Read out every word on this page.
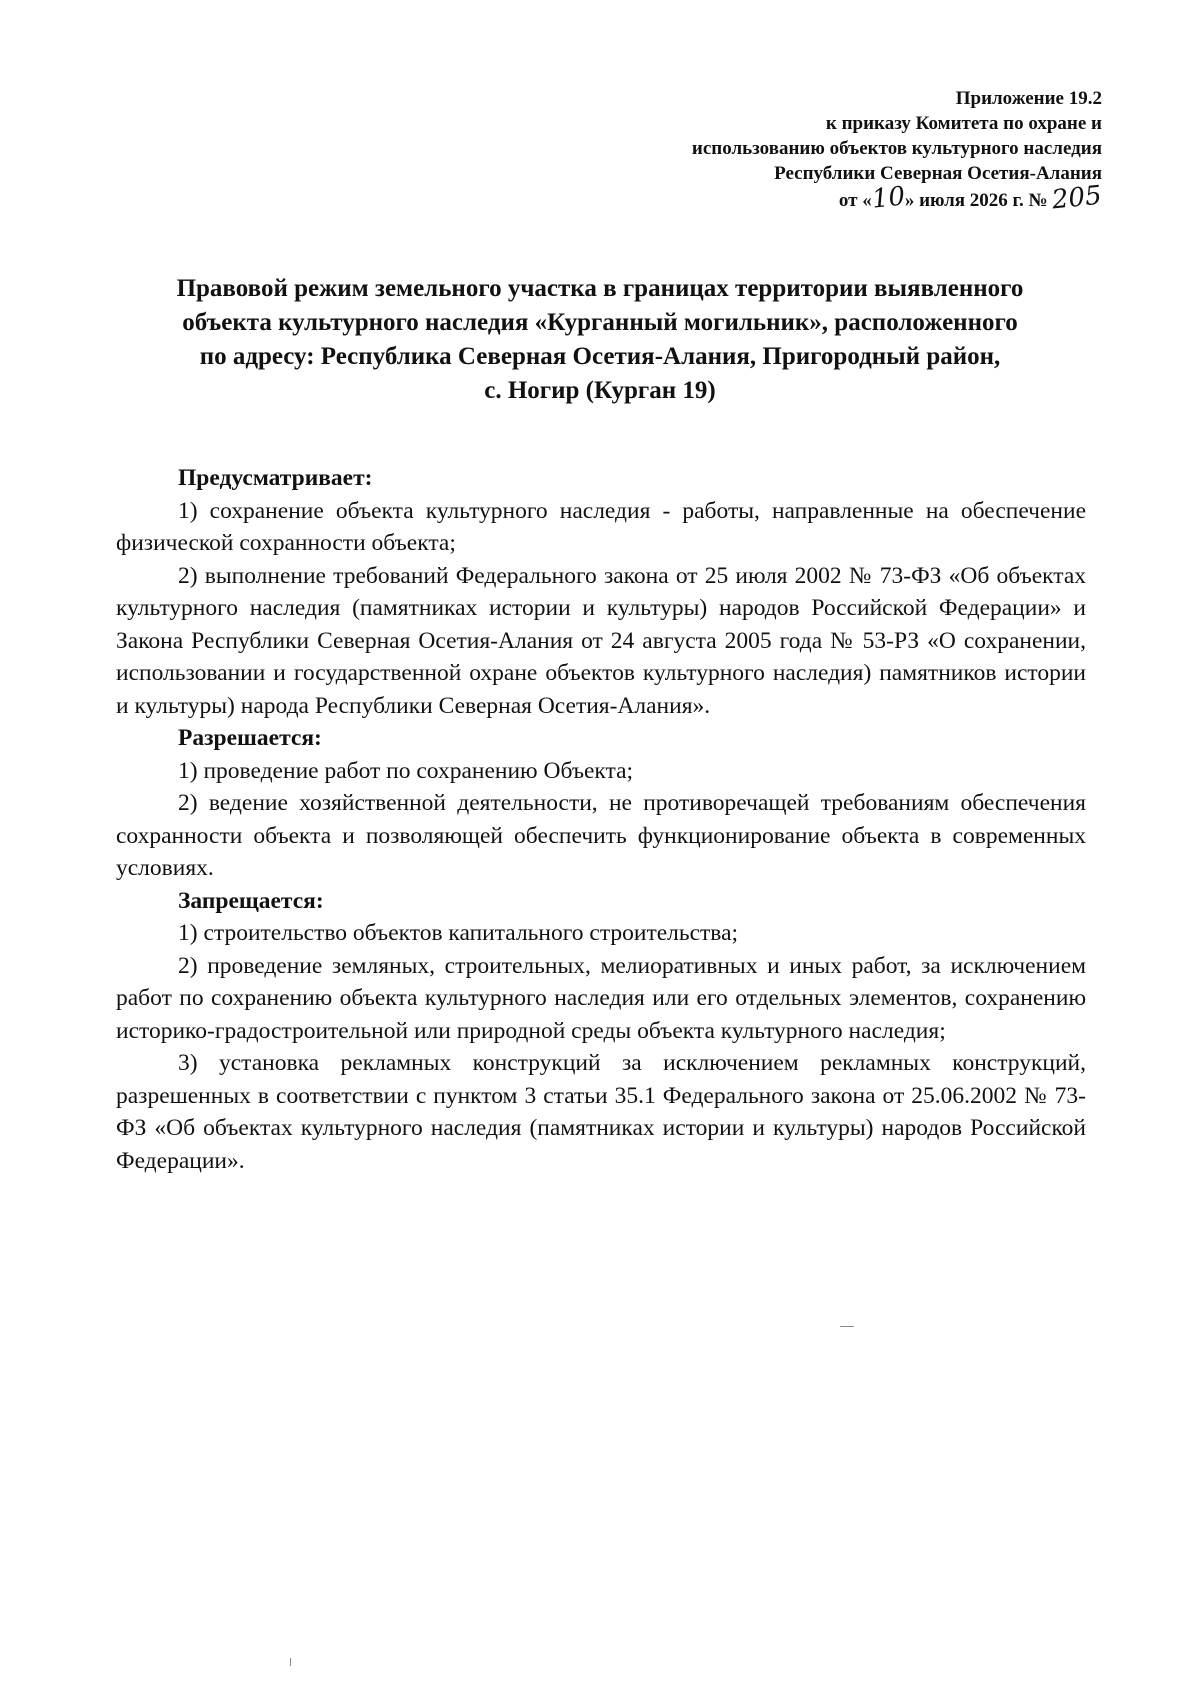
Приложение 19.2
к приказу Комитета по охране и
использованию объектов культурного наследия
Республики Северная Осетия-Алания
от «10» июля 2026 г. № 205
Правовой режим земельного участка в границах территории выявленного
объекта культурного наследия «Курганный могильник», расположенного
по адресу: Республика Северная Осетия-Алания, Пригородный район,
с. Ногир (Курган 19)
Предусматривает:

1) сохранение объекта культурного наследия - работы, направленные на обеспечение физической сохранности объекта;

2) выполнение требований Федерального закона от 25 июля 2002 № 73-ФЗ «Об объектах культурного наследия (памятниках истории и культуры) народов Российской Федерации» и Закона Республики Северная Осетия-Алания от 24 августа 2005 года № 53-РЗ «О сохранении, использовании и государственной охране объектов культурного наследия) памятников истории и культуры) народа Республики Северная Осетия-Алания».

Разрешается:

1) проведение работ по сохранению Объекта;

2) ведение хозяйственной деятельности, не противоречащей требованиям обеспечения сохранности объекта и позволяющей обеспечить функционирование объекта в современных условиях.

Запрещается:

1) строительство объектов капитального строительства;

2) проведение земляных, строительных, мелиоративных и иных работ, за исключением работ по сохранению объекта культурного наследия или его отдельных элементов, сохранению историко-градостроительной или природной среды объекта культурного наследия;

3) установка рекламных конструкций за исключением рекламных конструкций, разрешенных в соответствии с пунктом 3 статьи 35.1 Федерального закона от 25.06.2002 № 73-ФЗ «Об объектах культурного наследия (памятниках истории и культуры) народов Российской Федерации».
